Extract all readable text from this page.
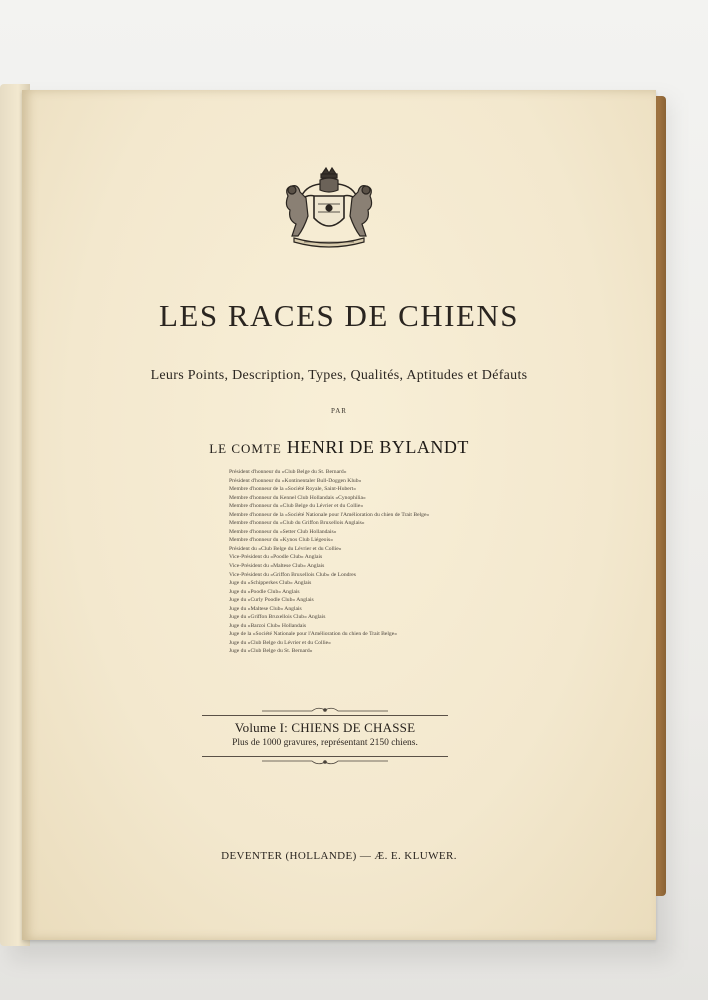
LES RACES DE CHIENS
Leurs Points, Description, Types, Qualités, Aptitudes et Défauts
PAR
LE COMTE HENRI DE BYLANDT
Président d'honneur du «Club Belge du St. Bernard»
Président d'honneur du «Kontinentaler Bull-Doggen Klub»
Membre d'honneur de la «Société Royale, Saint-Hubert»
Membre d'honneur du Kennel Club Hollandais «Cynophilia»
Membre d'honneur du «Club Belge du Lévrier et du Collie»
Membre d'honneur de la «Société Nationale pour l'Amélioration du chien de Trait Belge»
Membre d'honneur du «Club du Griffon Bruxellois Anglais»
Membre d'honneur du «Setter Club Hollandais»
Membre d'honneur du «Kynos Club Liégeois»
Président du «Club Belge du Lévrier et du Collie»
Vice-Président du «Poodle Club» Anglais
Vice-Président du «Maltese Club» Anglais
Vice-Président du «Griffon Bruxellois Club» de Londres
Juge du «Schipperkes Club» Anglais
Juge du «Poodle Club» Anglais
Juge du «Curly Poodle Club» Anglais
Juge du «Maltese Club» Anglais
Juge du «Griffon Bruxellois Club» Anglais
Juge du «Barzoi Club» Hollandais
Juge de la «Société Nationale pour l'Amélioration du chien de Trait Belge»
Juge du «Club Belge du Lévrier et du Collie»
Juge du «Club Belge du St. Bernard»
Volume I: CHIENS DE CHASSE
Plus de 1000 gravures, représentant 2150 chiens.
DEVENTER (HOLLANDE) — Æ. E. KLUWER.
